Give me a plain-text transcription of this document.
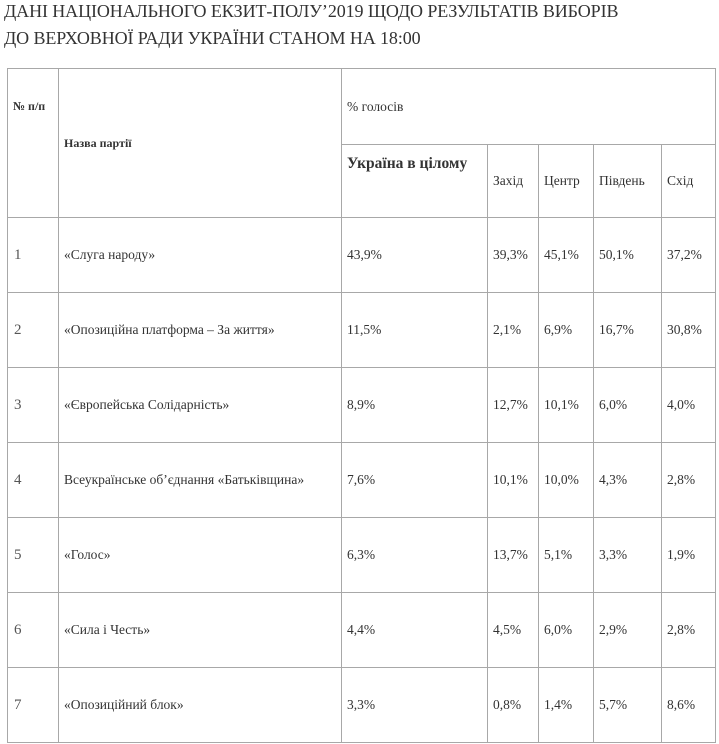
ДАНІ НАЦІОНАЛЬНОГО ЕКЗИТ-ПОЛУ’2019 ЩОДО РЕЗУЛЬТАТІВ ВИБОРІВ
ДО ВЕРХОВНОЇ РАДИ УКРАЇНИ СТАНОМ НА 18:00
№ п/п	Назва партії	% голосів				
		Україна в цілому	Захід	Центр	Південь	Схід
1	«Слуга народу»	43,9%	39,3%	45,1%	50,1%	37,2%
2	«Опозиційна платформа – За життя»	11,5%	2,1%	6,9%	16,7%	30,8%
3	«Європейська Солідарність»	8,9%	12,7%	10,1%	6,0%	4,0%
4	Всеукраїнське об’єднання «Батьківщина»	7,6%	10,1%	10,0%	4,3%	2,8%
5	«Голос»	6,3%	13,7%	5,1%	3,3%	1,9%
6	«Сила і Честь»	4,4%	4,5%	6,0%	2,9%	2,8%
7	«Опозиційний блок»	3,3%	0,8%	1,4%	5,7%	8,6%
